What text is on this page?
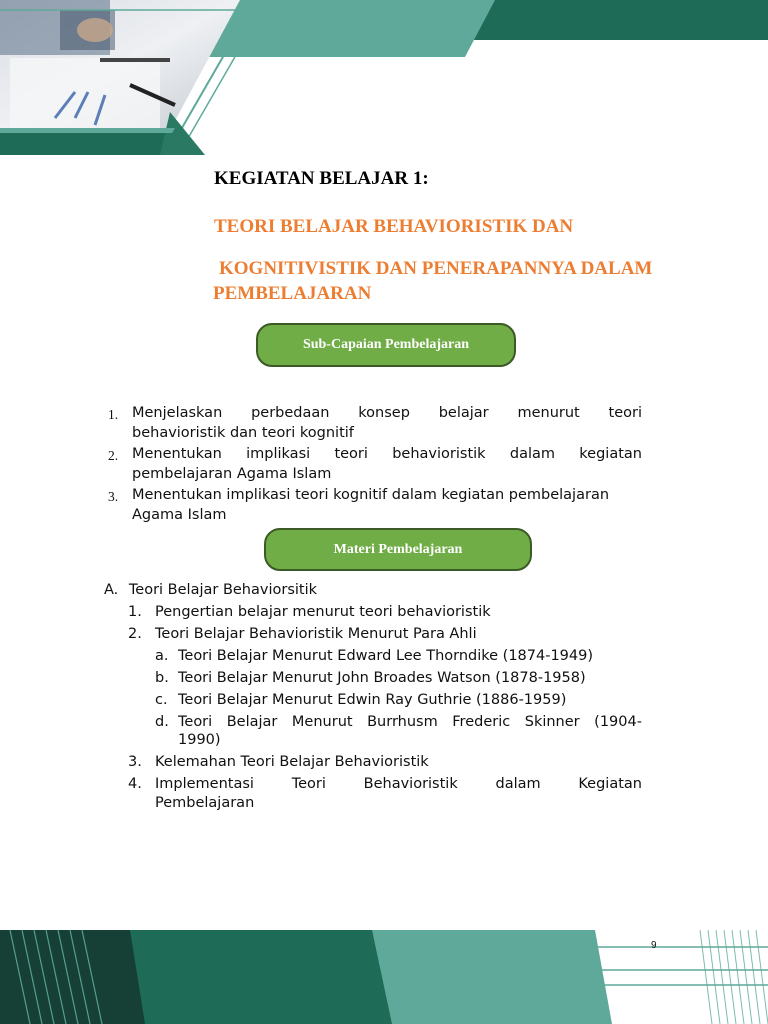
KEGIATAN BELAJAR 1:
TEORI BELAJAR BEHAVIORISTIK DAN
KOGNITIVISTIK DAN PENERAPANNYA DALAM
PEMBELAJARAN
Sub-Capaian Pembelajaran
1. Menjelaskan perbedaan konsep belajar menurut teori
behavioristik dan teori kognitif
2. Menentukan implikasi teori behavioristik dalam kegiatan
pembelajaran Agama Islam
3. Menentukan implikasi teori kognitif dalam kegiatan pembelajaran
Agama Islam
Materi Pembelajaran
A. Teori Belajar Behaviorsitik
1. Pengertian belajar menurut teori behavioristik
2. Teori Belajar Behavioristik Menurut Para Ahli
a. Teori Belajar Menurut Edward Lee Thorndike (1874-1949)
b. Teori Belajar Menurut John Broades Watson (1878-1958)
c. Teori Belajar Menurut Edwin Ray Guthrie (1886-1959)
d. Teori Belajar Menurut Burrhusm Frederic Skinner (1904-
1990)
3. Kelemahan Teori Belajar Behavioristik
4. Implementasi	Teori	Behavioristik	dalam	Kegiatan
Pembelajaran
9
